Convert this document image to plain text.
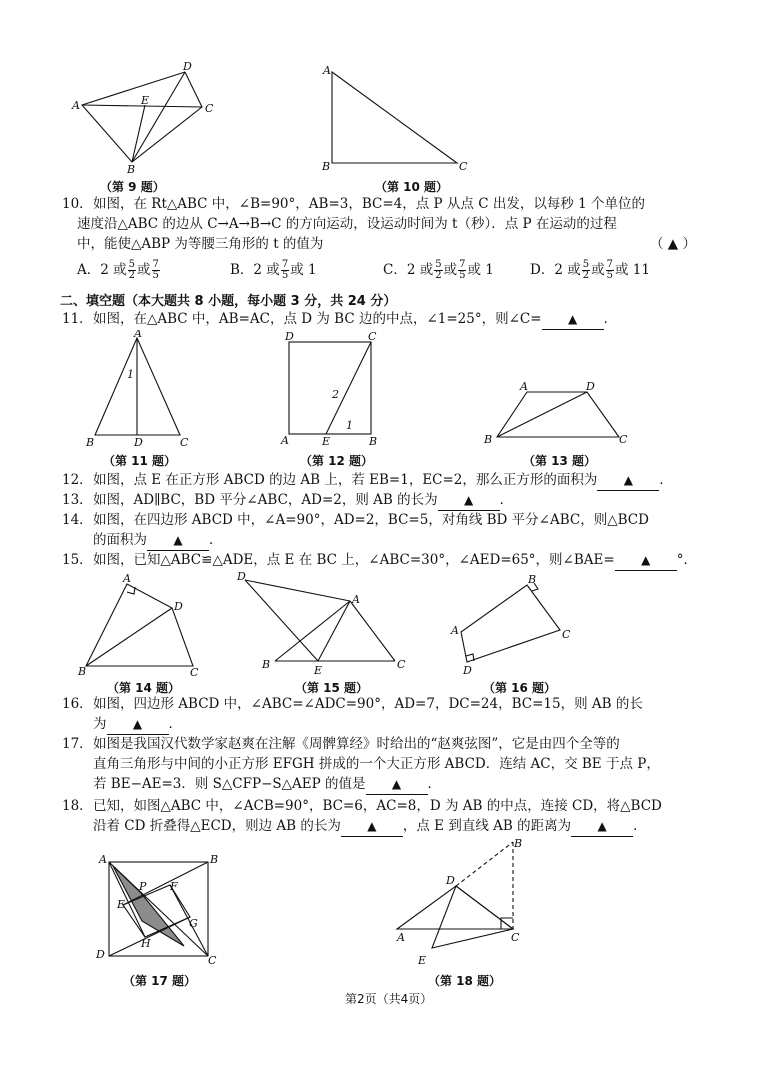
A
B
C
D
E
（第 9 题）
A
B	C
（第 10 题）
10． 如图，在 Rt△ABC 中，∠B=90°，AB=3，BC=4，点 P 从点 C 出发，以每秒 1 个单位的
速度沿△ABC 的边从 C→A→B→C 的方向运动，设运动时间为 t（秒）．点 P 在运动的过程
中，能使△ABP 为等腰三角形的 t 的值为	（ ▲ ）
A．2 或 $\frac{5}{2}$ 或 $\frac{7}{5}$	B．2 或 $\frac{7}{5}$ 或 1	C．2 或 $\frac{5}{2}$ 或 $\frac{7}{5}$ 或 1	D．2 或 $\frac{5}{2}$ 或 $\frac{7}{5}$ 或 11
二、填空题（本大题共 8 小题，每小题 3 分，共 24 分）
11． 如图，在△ABC 中，AB=AC，点 D 为 BC 边的中点，∠1=25°，则∠C= ▲ ．
A
B	C
D
1
（第 11 题）
A	B
C
D
E
1
2
（第 12 题）
A
B	C
D
（第 13 题）
12． 如图，点 E 在正方形 ABCD 的边 AB 上，若 EB=1，EC=2，那么正方形的面积为 ▲ ．
13． 如图，AD∥BC，BD 平分∠ABC，AD=2，则 AB 的长为 ▲ ．
14． 如图，在四边形 ABCD 中，∠A=90°，AD=2，BC=5，对角线 BD 平分∠ABC，则△BCD
的面积为 ▲ ．
15． 如图，已知△ABC≌△ADE，点 E 在 BC 上，∠ABC=30°，∠AED=65°，则∠BAE= ▲ °．
A
B	C
D
（第 14 题）
D
A
B	E	C
（第 15 题）
B
C
A
D
（第 16 题）
16． 如图，四边形 ABCD 中，∠ABC=∠ADC=90°，AD=7，DC=24，BC=15，则 AB 的长
为 ▲ ．
17． 如图是我国汉代数学家赵爽在注解《周髀算经》时给出的“赵爽弦图”，它是由四个全等的
直角三角形与中间的小正方形 EFGH 拼成的一个大正方形 ABCD．连结 AC，交 BE 于点 P，
若 BE−AE=3．则 S△CFP−S△AEP 的值是 ▲ ．
18． 已知，如图△ABC 中，∠ACB=90°，BC=6，AC=8，D 为 AB 的中点，连接 CD，将△BCD
沿着 CD 折叠得△ECD，则边 AB 的长为 ▲ ，点 E 到直线 AB 的距离为 ▲ ．
A	B
C
D
E
F
G
H
P
（第 17 题）
A
B
C
D
E
（第 18 题）
第2页（共4页）
